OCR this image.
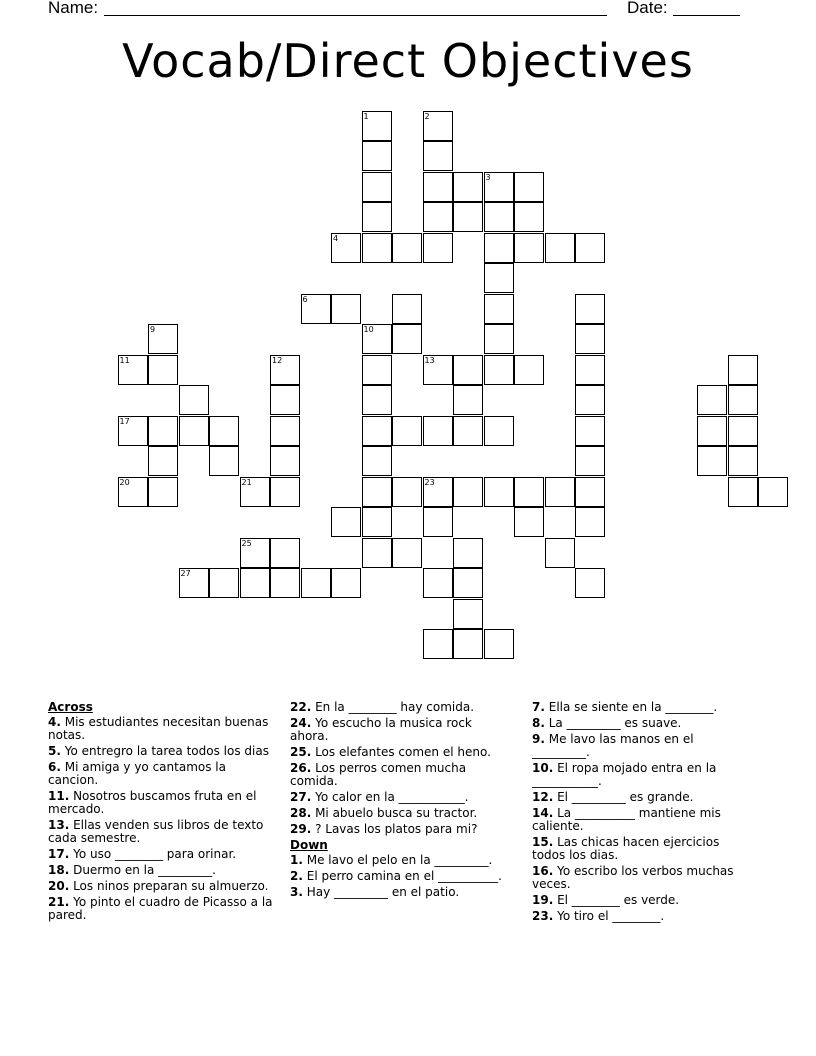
Name:	Date:
Vocab/Direct Objectives
1	2
3
4
6
9	10
11	12	13
17
20	21	23
25
27
Across
4. Mis estudiantes necesitan buenas notas.
5. Yo entregro la tarea todos los dias
6. Mi amiga y yo cantamos la cancion.
11. Nosotros buscamos fruta en el mercado.
13. Ellas venden sus libros de texto cada semestre.
17. Yo uso ________ para orinar.
18. Duermo en la _________.
20. Los ninos preparan su almuerzo.
21. Yo pinto el cuadro de Picasso a la pared.
22. En la ________ hay comida.
24. Yo escucho la musica rock ahora.
25. Los elefantes comen el heno.
26. Los perros comen mucha comida.
27. Yo calor en la ___________.
28. Mi abuelo busca su tractor.
29. ? Lavas los platos para mi?
Down
1. Me lavo el pelo en la _________.
2. El perro camina en el __________.
3. Hay _________ en el patio.
7. Ella se siente en la ________.
8. La _________ es suave.
9. Me lavo las manos en el _________.
10. El ropa mojado entra en la ___________.
12. El _________ es grande.
14. La __________ mantiene mis caliente.
15. Las chicas hacen ejercicios todos los dias.
16. Yo escribo los verbos muchas veces.
19. El ________ es verde.
23. Yo tiro el ________.
